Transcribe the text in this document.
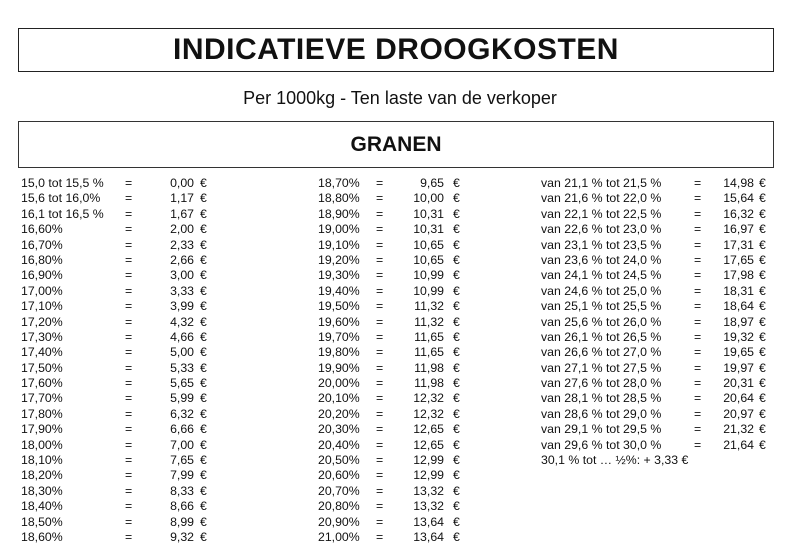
INDICATIEVE DROOGKOSTEN
Per 1000kg - Ten laste van de verkoper
GRANEN
15,0 tot 15,5 % =	0,00 €
15,6 tot 16,0% =	1,17 €
16,1 tot 16,5 % =	1,67 €
16,60%	=	2,00 €
16,70%	=	2,33 €
16,80%	=	2,66 €
16,90%	=	3,00 €
17,00%	=	3,33 €
17,10%	=	3,99 €
17,20%	=	4,32 €
17,30%	=	4,66 €
17,40%	=	5,00 €
17,50%	=	5,33 €
17,60%	=	5,65 €
17,70%	=	5,99 €
17,80%	=	6,32 €
17,90%	=	6,66 €
18,00%	=	7,00 €
18,10%	=	7,65 €
18,20%	=	7,99 €
18,30%	=	8,33 €
18,40%	=	8,66 €
18,50%	=	8,99 €
18,60%	=	9,32 €
18,70% =	9,65 €
18,80% = 10,00 €
18,90% = 10,31 €
19,00% = 10,31 €
19,10% = 10,65 €
19,20% = 10,65 €
19,30% = 10,99 €
19,40% = 10,99 €
19,50% =	11,32 €
19,60% =	11,32 €
19,70% =	11,65 €
19,80% =	11,65 €
19,90% =	11,98 €
20,00% =	11,98 €
20,10% = 12,32 €
20,20% = 12,32 €
20,30% = 12,65 €
20,40% = 12,65 €
20,50% = 12,99 €
20,60% = 12,99 €
20,70% = 13,32 €
20,80% = 13,32 €
20,90% = 13,64 €
21,00% = 13,64 €
van 21,1 % tot 21,5 %	= 14,98 €
van 21,6 % tot 22,0 %	= 15,64 €
van 22,1 % tot 22,5 %	= 16,32 €
van 22,6 % tot 23,0 %	= 16,97 €
van 23,1 % tot 23,5 %	= 17,31 €
van 23,6 % tot 24,0 %	= 17,65 €
van 24,1 % tot 24,5 %	= 17,98 €
van 24,6 % tot 25,0 %	= 18,31 €
van 25,1 % tot 25,5 %	= 18,64 €
van 25,6 % tot 26,0 %	= 18,97 €
van 26,1 % tot 26,5 %	= 19,32 €
van 26,6 % tot 27,0 %	= 19,65 €
van 27,1 % tot 27,5 %	= 19,97 €
van 27,6 % tot 28,0 %	= 20,31 €
van 28,1 % tot 28,5 %	= 20,64 €
van 28,6 % tot 29,0 %	= 20,97 €
van 29,1 % tot 29,5 %	= 21,32 €
van 29,6 % tot 30,0 %	= 21,64 €
30,1 % tot … ½%: + 3,33 €
